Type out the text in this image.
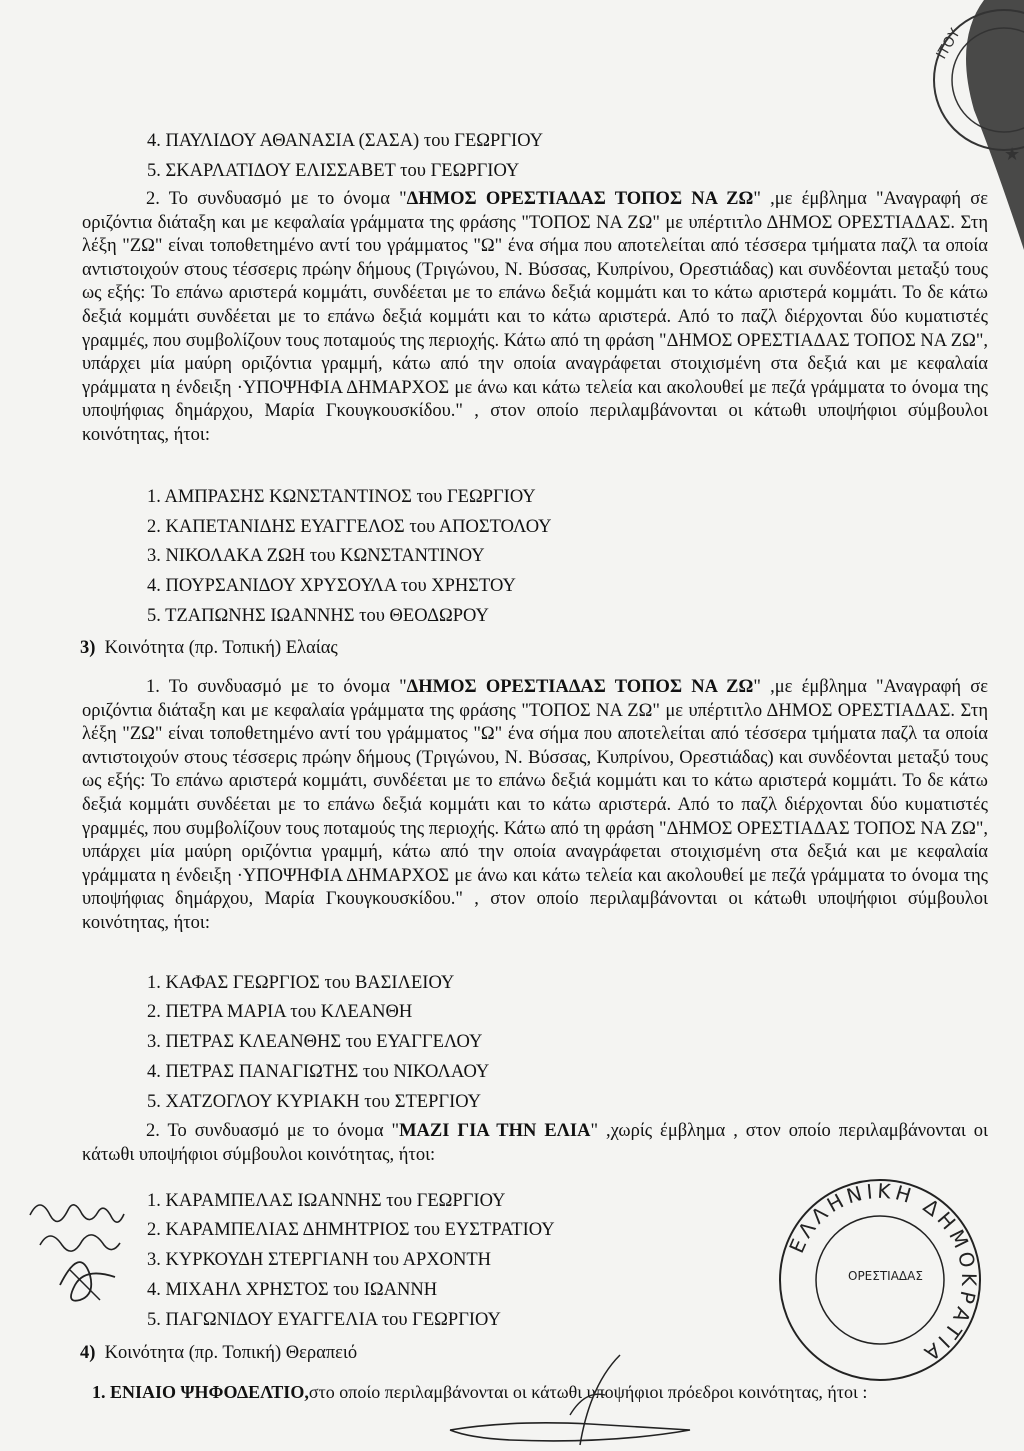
4. ΠΑΥΛΙΔΟΥ ΑΘΑΝΑΣΙΑ (ΣΑΣΑ) του ΓΕΩΡΓΙΟΥ
5. ΣΚΑΡΛΑΤΙΔΟΥ ΕΛΙΣΣΑΒΕΤ του ΓΕΩΡΓΙΟΥ
2. Το συνδυασμό με το όνομα "ΔΗΜΟΣ ΟΡΕΣΤΙΑΔΑΣ ΤΟΠΟΣ ΝΑ ΖΩ" ,με έμβλημα "Αναγραφή σε οριζόντια διάταξη και με κεφαλαία γράμματα της φράσης "ΤΟΠΟΣ ΝΑ ΖΩ" με υπέρτιτλο ΔΗΜΟΣ ΟΡΕΣΤΙΑΔΑΣ. Στη λέξη "ΖΩ" είναι τοποθετημένο αντί του γράμματος "Ω" ένα σήμα που αποτελείται από τέσσερα τμήματα παζλ τα οποία αντιστοιχούν στους τέσσερις πρώην δήμους (Τριγώνου, Ν. Βύσσας, Κυπρίνου, Ορεστιάδας) και συνδέονται μεταξύ τους ως εξής: Το επάνω αριστερά κομμάτι, συνδέεται με το επάνω δεξιά κομμάτι και το κάτω αριστερά κομμάτι. Το δε κάτω δεξιά κομμάτι συνδέεται με το επάνω δεξιά κομμάτι και το κάτω αριστερά. Από το παζλ διέρχονται δύο κυματιστές γραμμές, που συμβολίζουν τους ποταμούς της περιοχής. Κάτω από τη φράση "ΔΗΜΟΣ ΟΡΕΣΤΙΑΔΑΣ ΤΟΠΟΣ ΝΑ ΖΩ", υπάρχει μία μαύρη οριζόντια γραμμή, κάτω από την οποία αναγράφεται στοιχισμένη στα δεξιά και με κεφαλαία γράμματα η ένδειξη ·ΥΠΟΨΗΦΙΑ ΔΗΜΑΡΧΟΣ με άνω και κάτω τελεία και ακολουθεί με πεζά γράμματα το όνομα της υποψήφιας δημάρχου, Μαρία Γκουγκουσκίδου." , στον οποίο περιλαμβάνονται οι κάτωθι υποψήφιοι σύμβουλοι κοινότητας, ήτοι:
1. ΑΜΠΡΑΣΗΣ ΚΩΝΣΤΑΝΤΙΝΟΣ του ΓΕΩΡΓΙΟΥ
2. ΚΑΠΕΤΑΝΙΔΗΣ ΕΥΑΓΓΕΛΟΣ του ΑΠΟΣΤΟΛΟΥ
3. ΝΙΚΟΛΑΚΑ ΖΩΗ του ΚΩΝΣΤΑΝΤΙΝΟΥ
4. ΠΟΥΡΣΑΝΙΔΟΥ ΧΡΥΣΟΥΛΑ του ΧΡΗΣΤΟΥ
5. ΤΖΑΠΩΝΗΣ ΙΩΑΝΝΗΣ του ΘΕΟΔΩΡΟΥ
3) Κοινότητα (πρ. Τοπική) Ελαίας
1. Το συνδυασμό με το όνομα "ΔΗΜΟΣ ΟΡΕΣΤΙΑΔΑΣ ΤΟΠΟΣ ΝΑ ΖΩ" ,με έμβλημα "Αναγραφή σε οριζόντια διάταξη και με κεφαλαία γράμματα της φράσης "ΤΟΠΟΣ ΝΑ ΖΩ" με υπέρτιτλο ΔΗΜΟΣ ΟΡΕΣΤΙΑΔΑΣ. Στη λέξη "ΖΩ" είναι τοποθετημένο αντί του γράμματος "Ω" ένα σήμα που αποτελείται από τέσσερα τμήματα παζλ τα οποία αντιστοιχούν στους τέσσερις πρώην δήμους (Τριγώνου, Ν. Βύσσας, Κυπρίνου, Ορεστιάδας) και συνδέονται μεταξύ τους ως εξής: Το επάνω αριστερά κομμάτι, συνδέεται με το επάνω δεξιά κομμάτι και το κάτω αριστερά κομμάτι. Το δε κάτω δεξιά κομμάτι συνδέεται με το επάνω δεξιά κομμάτι και το κάτω αριστερά. Από το παζλ διέρχονται δύο κυματιστές γραμμές, που συμβολίζουν τους ποταμούς της περιοχής. Κάτω από τη φράση "ΔΗΜΟΣ ΟΡΕΣΤΙΑΔΑΣ ΤΟΠΟΣ ΝΑ ΖΩ", υπάρχει μία μαύρη οριζόντια γραμμή, κάτω από την οποία αναγράφεται στοιχισμένη στα δεξιά και με κεφαλαία γράμματα η ένδειξη ·ΥΠΟΨΗΦΙΑ ΔΗΜΑΡΧΟΣ με άνω και κάτω τελεία και ακολουθεί με πεζά γράμματα το όνομα της υποψήφιας δημάρχου, Μαρία Γκουγκουσκίδου." , στον οποίο περιλαμβάνονται οι κάτωθι υποψήφιοι σύμβουλοι κοινότητας, ήτοι:
1. ΚΑΦΑΣ ΓΕΩΡΓΙΟΣ του ΒΑΣΙΛΕΙΟΥ
2. ΠΕΤΡΑ ΜΑΡΙΑ του ΚΛΕΑΝΘΗ
3. ΠΕΤΡΑΣ ΚΛΕΑΝΘΗΣ του ΕΥΑΓΓΕΛΟΥ
4. ΠΕΤΡΑΣ ΠΑΝΑΓΙΩΤΗΣ του ΝΙΚΟΛΑΟΥ
5. ΧΑΤΖΟΓΛΟΥ ΚΥΡΙΑΚΗ του ΣΤΕΡΓΙΟΥ
2. Το συνδυασμό με το όνομα "ΜΑΖΙ ΓΙΑ ΤΗΝ ΕΛΙΑ" ,χωρίς έμβλημα , στον οποίο περιλαμβάνονται οι κάτωθι υποψήφιοι σύμβουλοι κοινότητας, ήτοι:
1. ΚΑΡΑΜΠΕΛΑΣ ΙΩΑΝΝΗΣ του ΓΕΩΡΓΙΟΥ
2. ΚΑΡΑΜΠΕΛΙΑΣ ΔΗΜΗΤΡΙΟΣ του ΕΥΣΤΡΑΤΙΟΥ
3. ΚΥΡΚΟΥΔΗ ΣΤΕΡΓΙΑΝΗ του ΑΡΧΟΝΤΗ
4. ΜΙΧΑΗΛ ΧΡΗΣΤΟΣ του ΙΩΑΝΝΗ
5. ΠΑΓΩΝΙΔΟΥ ΕΥΑΓΓΕΛΙΑ του ΓΕΩΡΓΙΟΥ
4) Κοινότητα (πρ. Τοπική) Θεραπειό
1. ΕΝΙΑΙΟ ΨΗΦΟΔΕΛΤΙΟ,στο οποίο περιλαμβάνονται οι κάτωθι υποψήφιοι πρόεδροι κοινότητας, ήτοι :
ΙΤΟΥ
★
ΕΛΛΗΝΙΚΗ ΔΗΜΟΚΡΑΤΙΑ
ΟΡΕΣΤΙΑΔΑΣ
